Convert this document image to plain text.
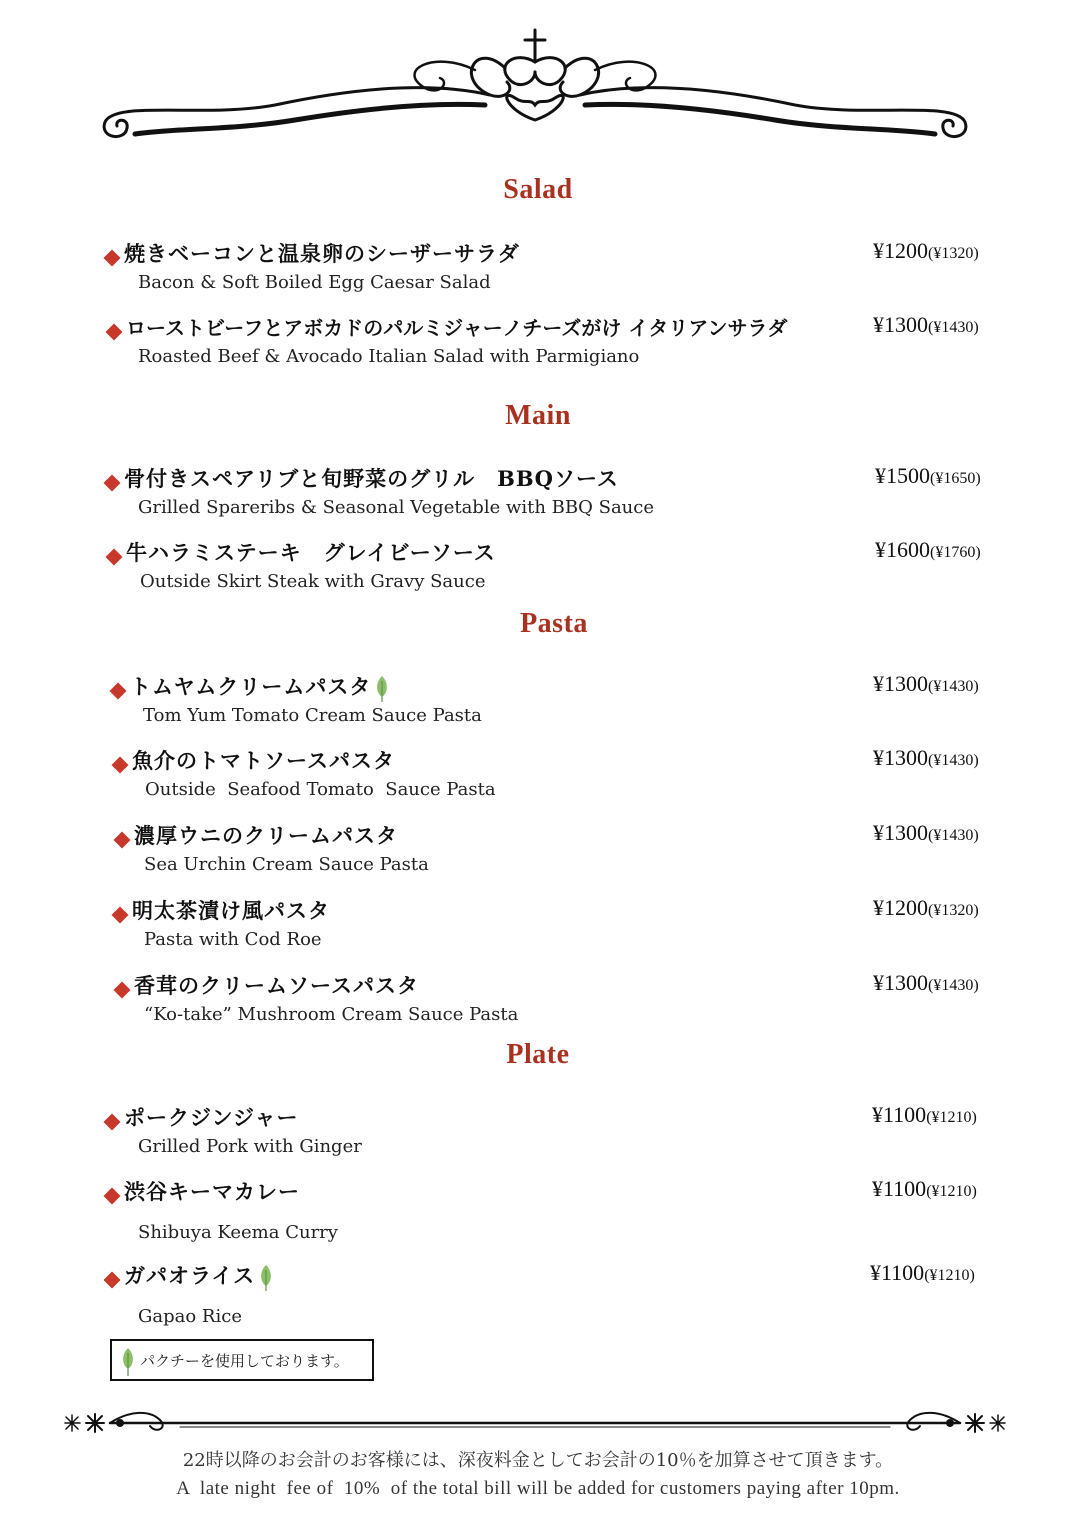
Salad
焼きベーコンと温泉卵のシーザーサラダ
Bacon & Soft Boiled Egg Caesar Salad
¥1200(¥1320)
ローストビーフとアボカドのパルミジャーノチーズがけ イタリアンサラダ
Roasted Beef & Avocado Italian Salad with Parmigiano
¥1300(¥1430)
Main
骨付きスペアリブと旬野菜のグリル　BBQソース
Grilled Spareribs & Seasonal Vegetable with BBQ Sauce
¥1500(¥1650)
牛ハラミステーキ　グレイビーソース
Outside Skirt Steak with Gravy Sauce
¥1600(¥1760)
Pasta
トムヤムクリームパスタ
Tom Yum Tomato Cream Sauce Pasta
¥1300(¥1430)
魚介のトマトソースパスタ
Outside  Seafood Tomato  Sauce Pasta
¥1300(¥1430)
濃厚ウニのクリームパスタ
Sea Urchin Cream Sauce Pasta
¥1300(¥1430)
明太茶漬け風パスタ
Pasta with Cod Roe
¥1200(¥1320)
香茸のクリームソースパスタ
“Ko-take” Mushroom Cream Sauce Pasta
¥1300(¥1430)
Plate
ポークジンジャー
Grilled Pork with Ginger
¥1100(¥1210)
渋谷キーマカレー
Shibuya Keema Curry
¥1100(¥1210)
ガパオライス
Gapao Rice
¥1100(¥1210)
パクチーを使用しております。
22時以降のお会計のお客様には、深夜料金としてお会計の10％を加算させて頂きます。
A  late night  fee of  10%  of the total bill will be added for customers paying after 10pm.
